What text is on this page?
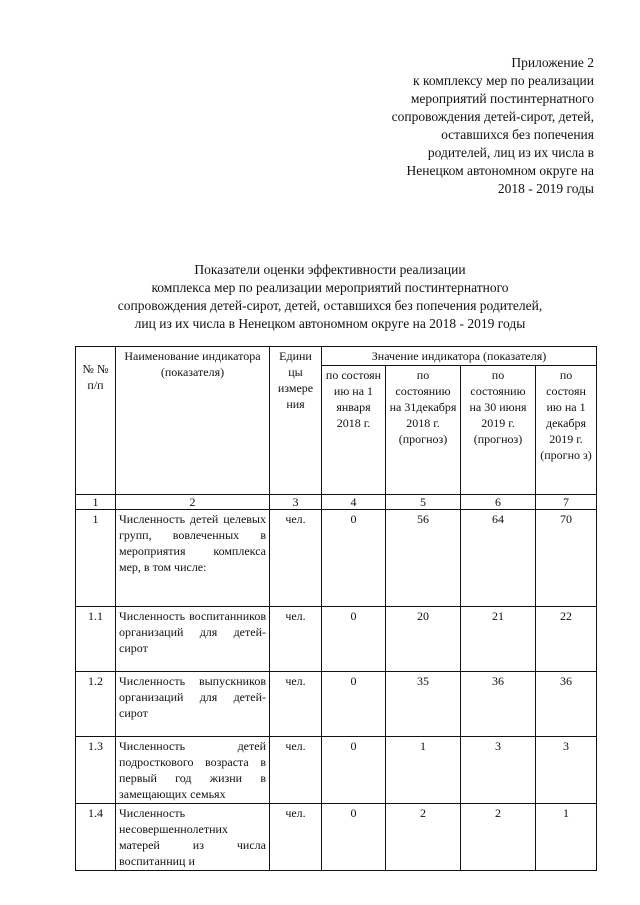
Приложение 2
к комплексу мер по реализации
мероприятий постинтернатного
сопровождения детей-сирот, детей,
оставшихся без попечения
родителей, лиц из их числа в
Ненецком автономном округе на
2018 - 2019 годы
Показатели оценки эффективности реализации
комплекса мер по реализации мероприятий постинтернатного
сопровождения детей-сирот, детей, оставшихся без попечения родителей,
лиц из их числа в Ненецком автономном округе на 2018 - 2019 годы
№ № п/п	Наименование индикатора (показателя)	Едини цы измере ния	Значение индикатора (показателя)			
			по состоян ию на 1 января 2018 г.	по состоянию на 31декабря 2018 г. (прогноз)	по состоянию на 30 июня 2019 г. (прогноз)	по состоян ию на 1 декабря 2019 г. (прогно з)
1	2	3	4	5	6	7
1	Численность детей целевых групп, вовлеченных в мероприятия комплекса мер, в том числе:	чел.	0	56	64	70
1.1	Численность воспитанников организаций для детей-сирот	чел.	0	20	21	22
1.2	Численность выпускников организаций для детей-сирот	чел.	0	35	36	36
1.3	Численность детей подросткового возраста в первый год жизни в замещающих семьях	чел.	0	1	3	3
1.4	Численность несовершеннолетних матерей из числа воспитанниц и	чел.	0	2	2	1
